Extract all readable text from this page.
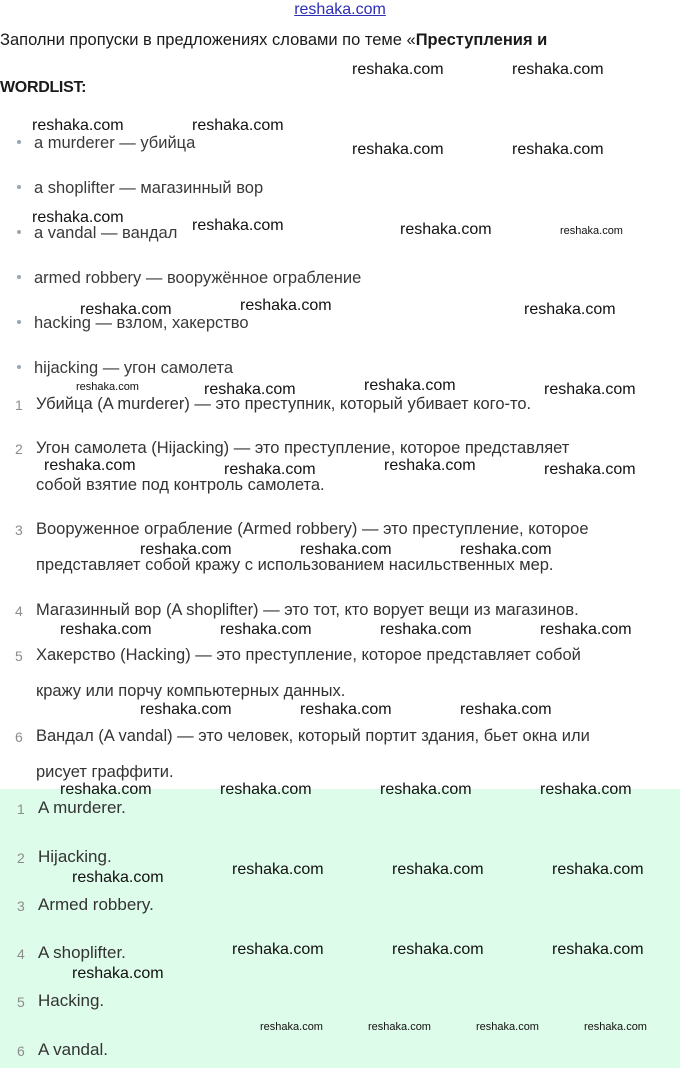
reshaka.com
Заполни пропуски в предложениях словами по теме «Преступления и
WORDLIST:
a murderer — убийца
a shoplifter — магазинный вор
a vandal — вандал
armed robbery — вооружённое ограбление
hacking — взлом, хакерство
hijacking — угон самолета
1 Убийца (A murderer) — это преступник, который убивает кого-то.
2 Угон самолета (Hijacking) — это преступление, которое представляет
собой взятие под контроль самолета.
3 Вооруженное ограбление (Armed robbery) — это преступление, которое
представляет собой кражу с использованием насильственных мер.
4 Магазинный вор (A shoplifter) — это тот, кто ворует вещи из магазинов.
5 Хакерство (Hacking) — это преступление, которое представляет собой
кражу или порчу компьютерных данных.
6 Вандал (A vandal) — это человек, который портит здания, бьет окна или
рисует граффити.
1 A murderer.
2 Hijacking.
3 Armed robbery.
4 A shoplifter.
5 Hacking.
6 A vandal.
reshaka.com	reshaka.com
reshaka.com	reshaka.com
reshaka.com	reshaka.com
reshaka.com	reshaka.com	reshaka.com	reshaka.com
reshaka.com	reshaka.com	reshaka.com
reshaka.com	reshaka.com	reshaka.com	reshaka.com
reshaka.com	reshaka.com	reshaka.com	reshaka.com
reshaka.com	reshaka.com	reshaka.com
reshaka.com	reshaka.com	reshaka.com	reshaka.com
reshaka.com	reshaka.com	reshaka.com
reshaka.com	reshaka.com	reshaka.com	reshaka.com
reshaka.com	reshaka.com	reshaka.com
reshaka.com
reshaka.com	reshaka.com	reshaka.com
reshaka.com
reshaka.com	reshaka.com	reshaka.com	reshaka.com
